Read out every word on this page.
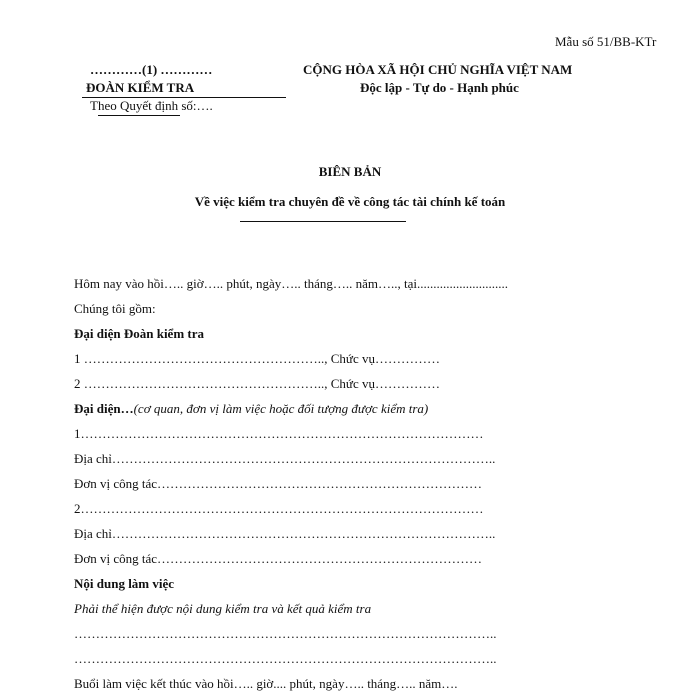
Mẫu số 51/BB-KTr
…………(1) …………
ĐOÀN KIỂM TRA
Theo Quyết định số:….
CỘNG HÒA XÃ HỘI CHỦ NGHĨA VIỆT NAM
Độc lập - Tự do - Hạnh phúc
BIÊN BẢN
Về việc kiểm tra chuyên đề về công tác tài chính kế toán
Hôm nay vào hồi….. giờ….. phút, ngày….. tháng….. năm….., tại............................
Chúng tôi gồm:
Đại diện Đoàn kiểm tra
1 ……………………………………………….., Chức vụ……………
2 ……………………………………………….., Chức vụ……………
Đại diện…(cơ quan, đơn vị làm việc hoặc đối tượng được kiểm tra)
1…………………………………………………………………………………
Địa chỉ……………………………………………………………………………..
Đơn vị công tác…………………………………………………………………
2…………………………………………………………………………………
Địa chỉ……………………………………………………………………………..
Đơn vị công tác…………………………………………………………………
Nội dung làm việc
Phải thể hiện được nội dung kiểm tra và kết quả kiểm tra
……………………………………………………………………………………..
……………………………………………………………………………………..
Buổi làm việc kết thúc vào hồi….. giờ.... phút, ngày….. tháng….. năm….
